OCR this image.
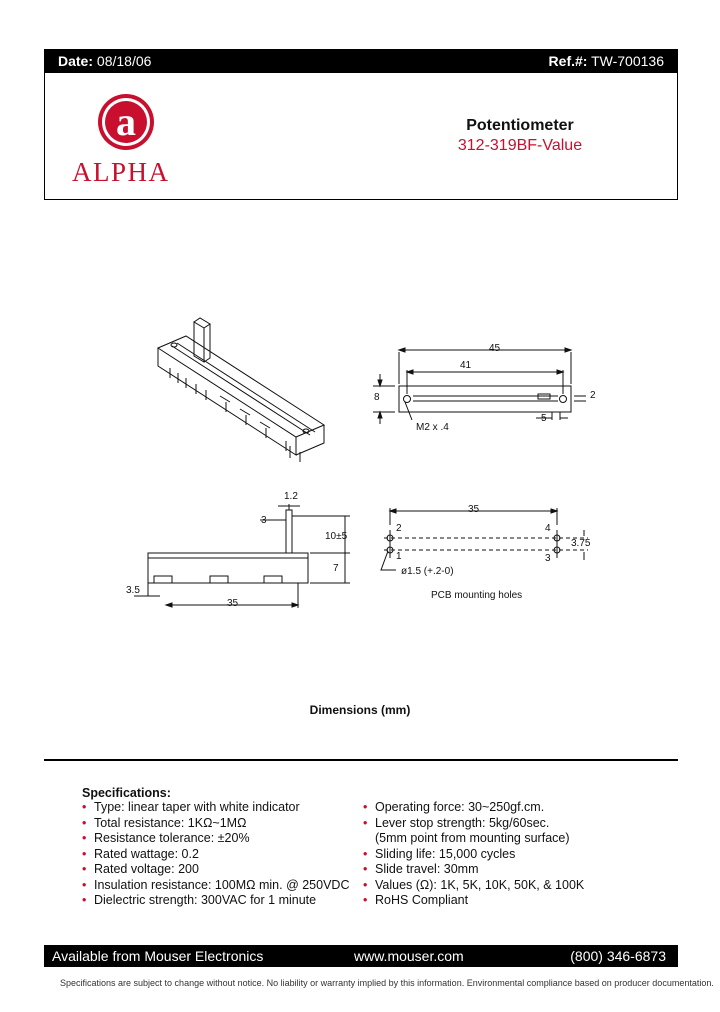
Date: 08/18/06	Ref.#: TW-700136
a
ALPHA
Potentiometer
312-319BF-Value
45
41
8	2
5
M2 x .4
1.2
3
10±5
7
3.5
35
35
2	4
1	3
3.75
ø1.5 (+.2-0)
PCB mounting holes
Dimensions (mm)
Specifications:
• Type: linear taper with white indicator
• Total resistance: 1KΩ~1MΩ
• Resistance tolerance: ±20%
• Rated wattage: 0.2
• Rated voltage: 200
• Insulation resistance: 100MΩ min. @ 250VDC
• Dielectric strength: 300VAC for 1 minute
• Operating force: 30~250gf.cm.
• Lever stop strength: 5kg/60sec.
(5mm point from mounting surface)
• Sliding life: 15,000 cycles
• Slide travel: 30mm
• Values (Ω): 1K, 5K, 10K, 50K, & 100K
• RoHS Compliant
Available from Mouser Electronics	www.mouser.com	(800) 346-6873
Specifications are subject to change without notice. No liability or warranty implied by this information. Environmental compliance based on producer documentation.
